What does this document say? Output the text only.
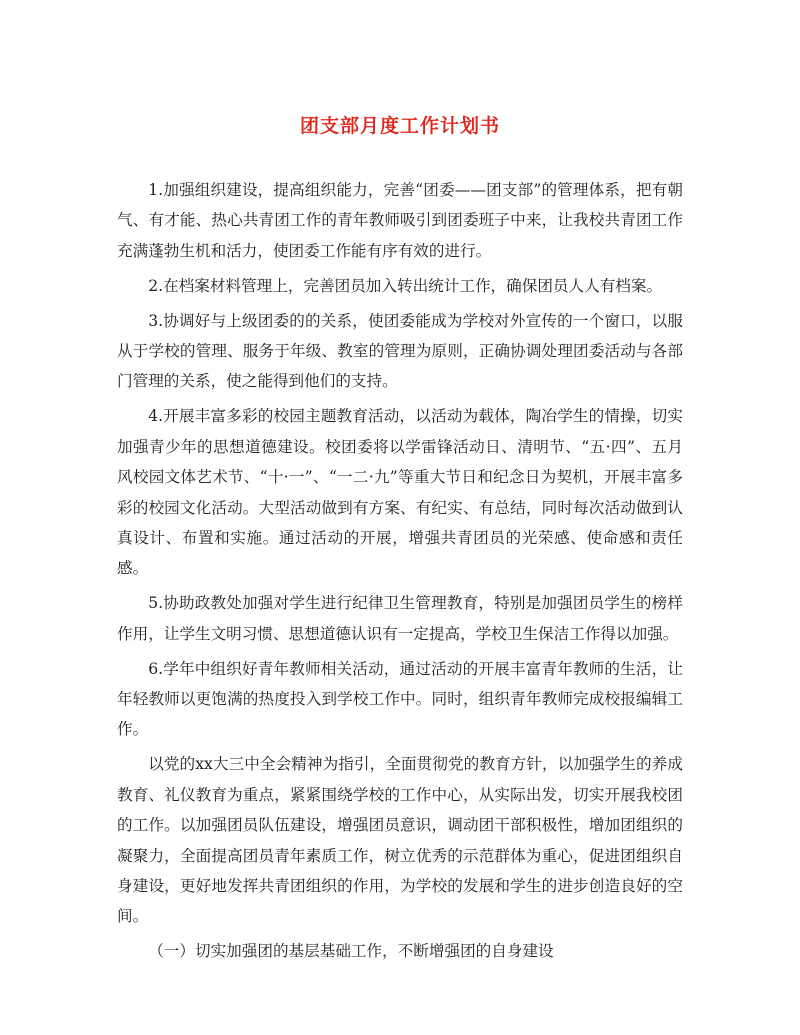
团支部月度工作计划书

1.加强组织建设，提高组织能力，完善“团委——团支部”的管理体系，把有朝气、有才能、热心共青团工作的青年教师吸引到团委班子中来，让我校共青团工作充满蓬勃生机和活力，使团委工作能有序有效的进行。

2.在档案材料管理上，完善团员加入转出统计工作，确保团员人人有档案。

3.协调好与上级团委的的关系，使团委能成为学校对外宣传的一个窗口，以服从于学校的管理、服务于年级、教室的管理为原则，正确协调处理团委活动与各部门管理的关系，使之能得到他们的支持。

4.开展丰富多彩的校园主题教育活动，以活动为载体，陶冶学生的情操，切实加强青少年的思想道德建设。校团委将以学雷锋活动日、清明节、“五·四”、五月风校园文体艺术节、“十·一”、“一二·九”等重大节日和纪念日为契机，开展丰富多彩的校园文化活动。大型活动做到有方案、有纪实、有总结，同时每次活动做到认真设计、布置和实施。通过活动的开展，增强共青团员的光荣感、使命感和责任感。

5.协助政教处加强对学生进行纪律卫生管理教育，特别是加强团员学生的榜样作用，让学生文明习惯、思想道德认识有一定提高，学校卫生保洁工作得以加强。

6.学年中组织好青年教师相关活动，通过活动的开展丰富青年教师的生活，让年轻教师以更饱满的热度投入到学校工作中。同时，组织青年教师完成校报编辑工作。

以党的xx大三中全会精神为指引，全面贯彻党的教育方针，以加强学生的养成教育、礼仪教育为重点，紧紧围绕学校的工作中心，从实际出发，切实开展我校团的工作。以加强团员队伍建设，增强团员意识，调动团干部积极性，增加团组织的凝聚力，全面提高团员青年素质工作，树立优秀的示范群体为重心，促进团组织自身建设，更好地发挥共青团组织的作用，为学校的发展和学生的进步创造良好的空间。

（一）切实加强团的基层基础工作，不断增强团的自身建设
